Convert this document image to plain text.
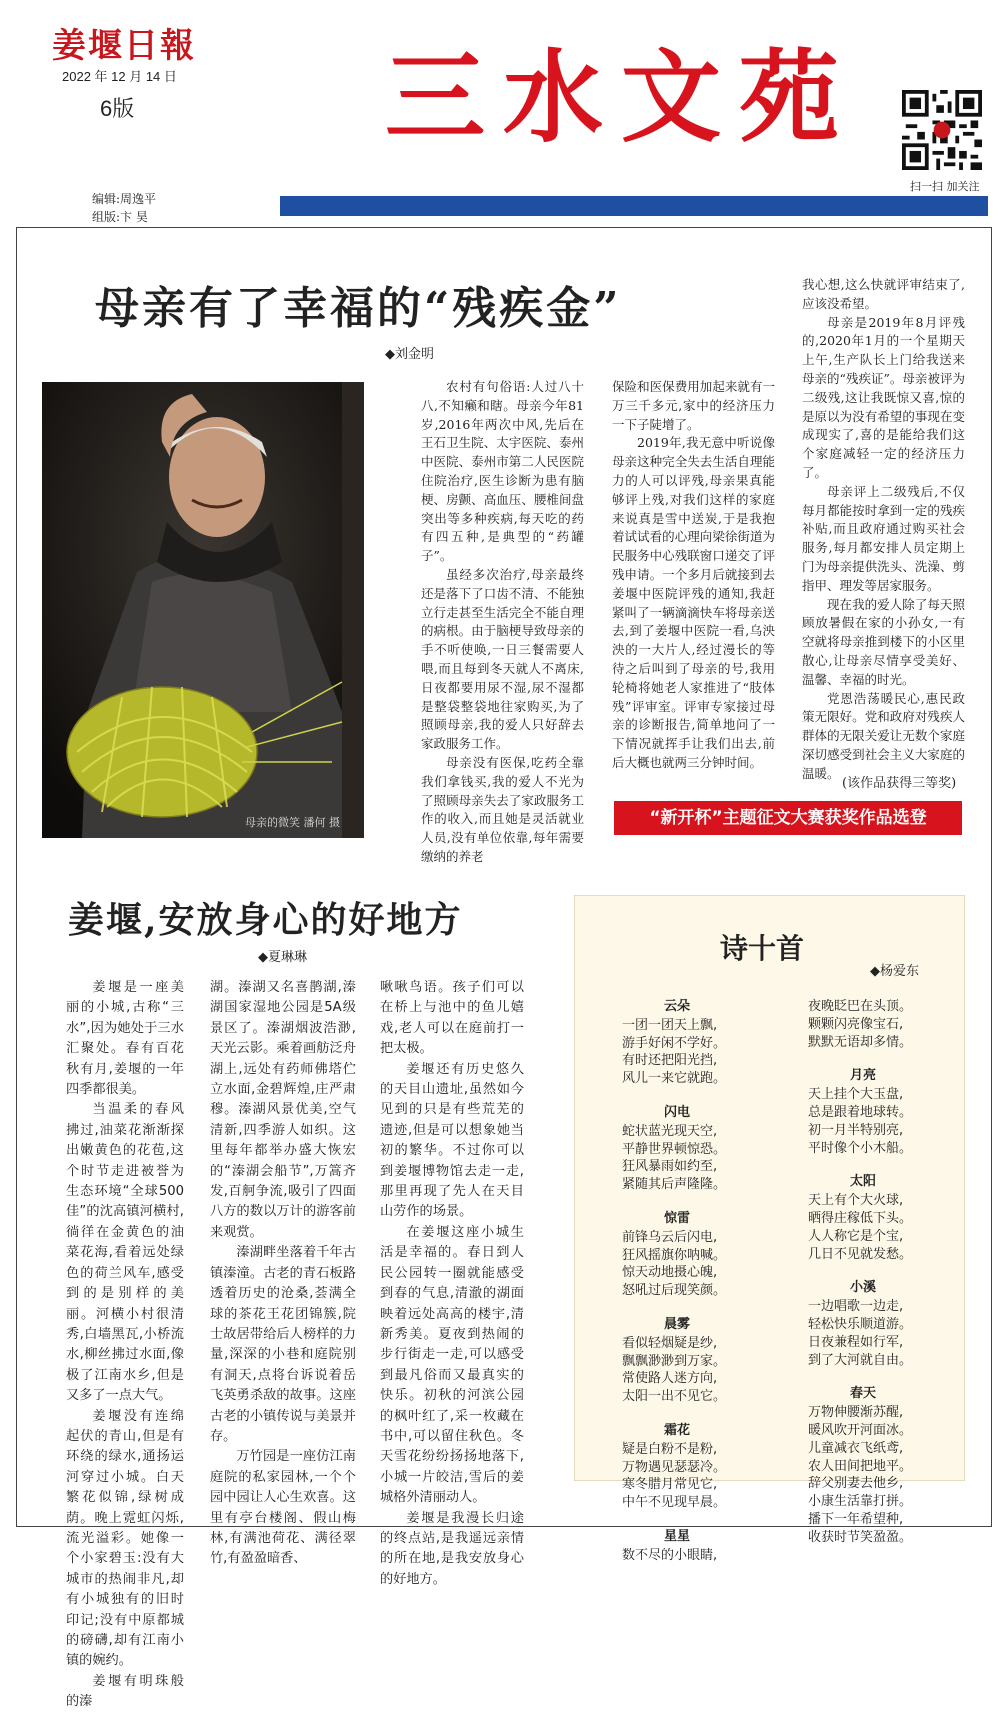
姜堰日報
2022 年 12 月 14 日
6版	三水文苑
扫一扫 加关注
编辑:周逸平
组版:卞 昊
母亲有了幸福的“残疾金”
◆刘金明
母亲的微笑 潘何 摄

农村有句俗语:人过八十八,不知癞和瞎。母亲今年81岁,2016年两次中风,先后在王石卫生院、太宇医院、泰州中医院、泰州市第二人民医院住院治疗,医生诊断为患有脑梗、房颤、高血压、腰椎间盘突出等多种疾病,每天吃的药有四五种,是典型的“药罐子”。

虽经多次治疗,母亲最终还是落下了口齿不清、不能独立行走甚至生活完全不能自理的病根。由于脑梗导致母亲的手不听使唤,一日三餐需要人喂,而且每到冬天就人不离床,日夜都要用尿不湿,尿不湿都是整袋整袋地往家购买,为了照顾母亲,我的爱人只好辞去家政服务工作。

母亲没有医保,吃药全靠我们拿钱买,我的爱人不光为了照顾母亲失去了家政服务工作的收入,而且她是灵活就业人员,没有单位依靠,每年需要缴纳的养老

保险和医保费用加起来就有一万三千多元,家中的经济压力一下子陡增了。

2019年,我无意中听说像母亲这种完全失去生活自理能力的人可以评残,母亲果真能够评上残,对我们这样的家庭来说真是雪中送炭,于是我抱着试试看的心理向梁徐街道为民服务中心残联窗口递交了评残申请。一个多月后就接到去姜堰中医院评残的通知,我赶紧叫了一辆滴滴快车将母亲送去,到了姜堰中医院一看,乌泱泱的一大片人,经过漫长的等待之后叫到了母亲的号,我用轮椅将她老人家推进了“肢体残”评审室。评审专家接过母亲的诊断报告,简单地问了一下情况就挥手让我们出去,前后大概也就两三分钟时间。

我心想,这么快就评审结束了,应该没希望。

母亲是2019年8月评残的,2020年1月的一个星期天上午,生产队长上门给我送来母亲的“残疾证”。母亲被评为二级残,这让我既惊又喜,惊的是原以为没有希望的事现在变成现实了,喜的是能给我们这个家庭减轻一定的经济压力了。

母亲评上二级残后,不仅每月都能按时拿到一定的残疾补贴,而且政府通过购买社会服务,每月都安排人员定期上门为母亲提供洗头、洗澡、剪指甲、理发等居家服务。

现在我的爱人除了每天照顾放暑假在家的小孙女,一有空就将母亲推到楼下的小区里散心,让母亲尽情享受美好、温馨、幸福的时光。

党恩浩荡暖民心,惠民政策无限好。党和政府对残疾人群体的无限关爱让无数个家庭深切感受到社会主义大家庭的温暖。

(该作品获得三等奖)
“新开杯”主题征文大赛获奖作品选登
姜堰,安放身心的好地方
◆夏琳琳

姜堰是一座美丽的小城,古称“三水”,因为她处于三水汇聚处。春有百花秋有月,姜堰的一年四季都很美。

当温柔的春风拂过,油菜花渐渐探出嫩黄色的花苞,这个时节走进被誉为生态环境“全球500佳”的沈高镇河横村,徜徉在金黄色的油菜花海,看着远处绿色的荷兰风车,感受到的是别样的美丽。河横小村很清秀,白墙黑瓦,小桥流水,柳丝拂过水面,像极了江南水乡,但是又多了一点大气。

姜堰没有连绵起伏的青山,但是有环绕的绿水,通扬运河穿过小城。白天繁花似锦,绿树成荫。晚上霓虹闪烁,流光溢彩。她像一个小家碧玉:没有大城市的热闹非凡,却有小城独有的旧时印记;没有中原都城的磅礴,却有江南小镇的婉约。

姜堰有明珠般的溱

湖。溱湖又名喜鹊湖,溱湖国家湿地公园是5A级景区了。溱湖烟波浩渺,天光云影。乘着画舫泛舟湖上,远处有药师佛塔伫立水面,金碧辉煌,庄严肃穆。溱湖风景优美,空气清新,四季游人如织。这里每年都举办盛大恢宏的“溱湖会船节”,万篙齐发,百舸争流,吸引了四面八方的数以万计的游客前来观赏。

溱湖畔坐落着千年古镇溱潼。古老的青石板路透着历史的沧桑,荟满全球的茶花王花团锦簇,院士故居带给后人榜样的力量,深深的小巷和庭院别有洞天,点将台诉说着岳飞英勇杀敌的故事。这座古老的小镇传说与美景并存。

万竹园是一座仿江南庭院的私家园林,一个个园中园让人心生欢喜。这里有亭台楼阁、假山梅林,有满池荷花、满径翠竹,有盈盈暗香、

啾啾鸟语。孩子们可以在桥上与池中的鱼儿嬉戏,老人可以在庭前打一把太极。

姜堰还有历史悠久的天目山遗址,虽然如今见到的只是有些荒芜的遗迹,但是可以想象她当初的繁华。不过你可以到姜堰博物馆去走一走,那里再现了先人在天目山劳作的场景。

在姜堰这座小城生活是幸福的。春日到人民公园转一圈就能感受到春的气息,清澈的湖面映着远处高高的楼宇,清新秀美。夏夜到热闹的步行街走一走,可以感受到最凡俗而又最真实的快乐。初秋的河滨公园的枫叶红了,采一枚藏在书中,可以留住秋色。冬天雪花纷纷扬扬地落下,小城一片皎洁,雪后的姜城格外清丽动人。

姜堰是我漫长归途的终点站,是我遥远亲情的所在地,是我安放身心的好地方。

诗十首
◆杨爱东
云朵
一团一团天上飘,
游手好闲不学好。
有时还把阳光挡,
风儿一来它就跑。
闪电
蛇状蓝光现天空,
平静世界顿惊恐。
狂风暴雨如约至,
紧随其后声隆隆。
惊雷
前锋乌云后闪电,
狂风摇旗你呐喊。
惊天动地摄心魄,
怒吼过后现笑颜。
晨雾
看似轻烟疑是纱,
飘飘渺渺到万家。
常使路人迷方向,
太阳一出不见它。
霜花
疑是白粉不是粉,
万物遇见瑟瑟冷。
寒冬腊月常见它,
中午不见现早晨。
星星
数不尽的小眼睛,
夜晚眨巴在头顶。
颗颗闪亮像宝石,
默默无语却多情。
月亮
天上挂个大玉盘,
总是跟着地球转。
初一月半特别亮,
平时像个小木船。
太阳
天上有个大火球,
晒得庄稼低下头。
人人称它是个宝,
几日不见就发愁。
小溪
一边唱歌一边走,
轻松快乐顺道游。
日夜兼程如行军,
到了大河就自由。
春天
万物伸腰渐苏醒,
暖风吹开河面冰。
儿童减衣飞纸鸢,
农人田间把地平。
辞父别妻去他乡,
小康生活靠打拼。
播下一年希望种,
收获时节笑盈盈。
